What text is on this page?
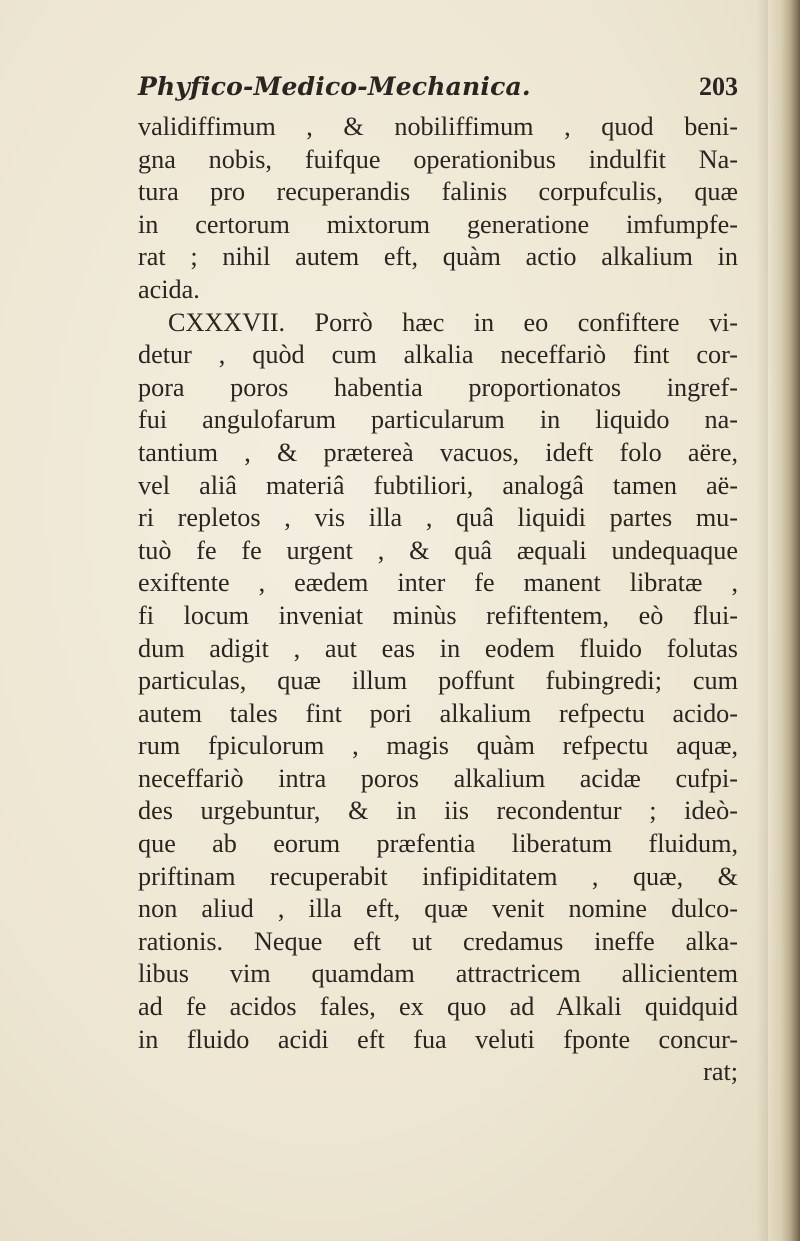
Phyfico-Medico-Mechanica.	203
validiffimum , & nobiliffimum , quod beni-
gna nobis, fuifque operationibus indulfit Na-
tura pro recuperandis falinis corpufculis, quæ
in certorum mixtorum generatione imfumpfe-
rat ; nihil autem eft, quàm actio alkalium in
acida.
CXXXVII. Porrò hæc in eo confiftere vi-
detur , quòd cum alkalia neceffariò fint cor-
pora poros habentia proportionatos ingref-
fui angulofarum particularum in liquido na-
tantium , & prætereà vacuos, ideft folo aëre,
vel aliâ materiâ fubtiliori, analogâ tamen aë-
ri repletos , vis illa , quâ liquidi partes mu-
tuò fe fe urgent , & quâ æquali undequaque
exiftente , eædem inter fe manent libratæ ,
fi locum inveniat minùs refiftentem, eò flui-
dum adigit , aut eas in eodem fluido folutas
particulas, quæ illum poffunt fubingredi; cum
autem tales fint pori alkalium refpectu acido-
rum fpiculorum , magis quàm refpectu aquæ,
neceffariò intra poros alkalium acidæ cufpi-
des urgebuntur, & in iis recondentur ; ideò-
que ab eorum præfentia liberatum fluidum,
priftinam recuperabit infipiditatem , quæ, &
non aliud , illa eft, quæ venit nomine dulco-
rationis. Neque eft ut credamus ineffe alka-
libus vim quamdam attractricem allicientem
ad fe acidos fales, ex quo ad Alkali quidquid
in fluido acidi eft fua veluti fponte concur-
rat;
